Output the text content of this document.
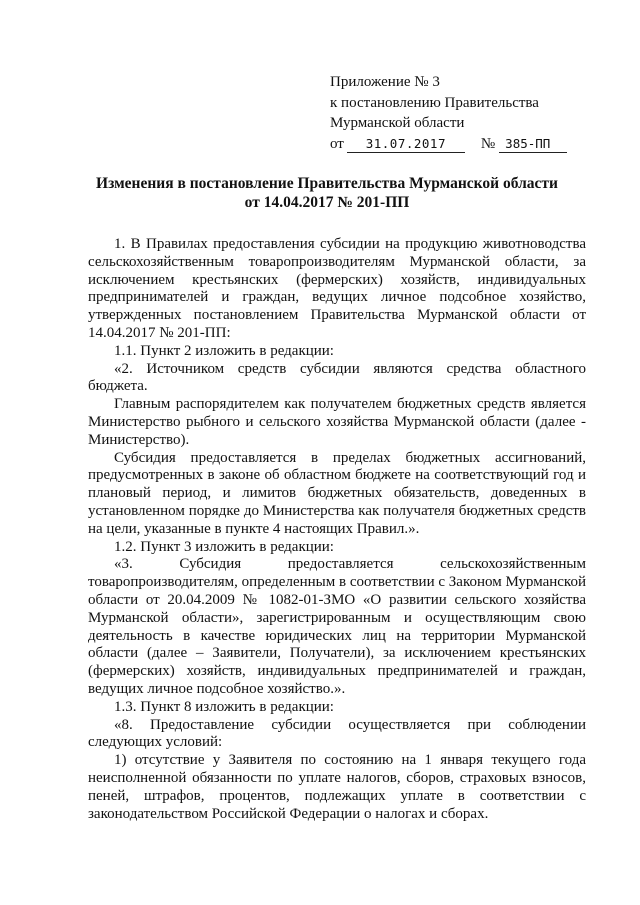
Приложение № 3
к постановлению Правительства
Мурманской области
от 31.07.2017 № 385-ПП
Изменения в постановление Правительства Мурманской области
от 14.04.2017 № 201-ПП

1. В Правилах предоставления субсидии на продукцию животноводства сельскохозяйственным товаропроизводителям Мурманской области, за исключением крестьянских (фермерских) хозяйств, индивидуальных предпринимателей и граждан, ведущих личное подсобное хозяйство, утвержденных постановлением Правительства Мурманской области от 14.04.2017 № 201-ПП:

1.1. Пункт 2 изложить в редакции:

«2. Источником средств субсидии являются средства областного бюджета.

Главным распорядителем как получателем бюджетных средств является Министерство рыбного и сельского хозяйства Мурманской области (далее - Министерство).

Субсидия предоставляется в пределах бюджетных ассигнований, предусмотренных в законе об областном бюджете на соответствующий год и плановый период, и лимитов бюджетных обязательств, доведенных в установленном порядке до Министерства как получателя бюджетных средств на цели, указанные в пункте 4 настоящих Правил.».

1.2. Пункт 3 изложить в редакции:

«3. Субсидия предоставляется сельскохозяйственным товаропроизводителям, определенным в соответствии с Законом Мурманской области от 20.04.2009 № 1082-01-ЗМО «О развитии сельского хозяйства Мурманской области», зарегистрированным и осуществляющим свою деятельность в качестве юридических лиц на территории Мурманской области (далее – Заявители, Получатели), за исключением крестьянских (фермерских) хозяйств, индивидуальных предпринимателей и граждан, ведущих личное подсобное хозяйство.».

1.3. Пункт 8 изложить в редакции:

«8. Предоставление субсидии осуществляется при соблюдении следующих условий:

1) отсутствие у Заявителя по состоянию на 1 января текущего года неисполненной обязанности по уплате налогов, сборов, страховых взносов, пеней, штрафов, процентов, подлежащих уплате в соответствии с законодательством Российской Федерации о налогах и сборах.
